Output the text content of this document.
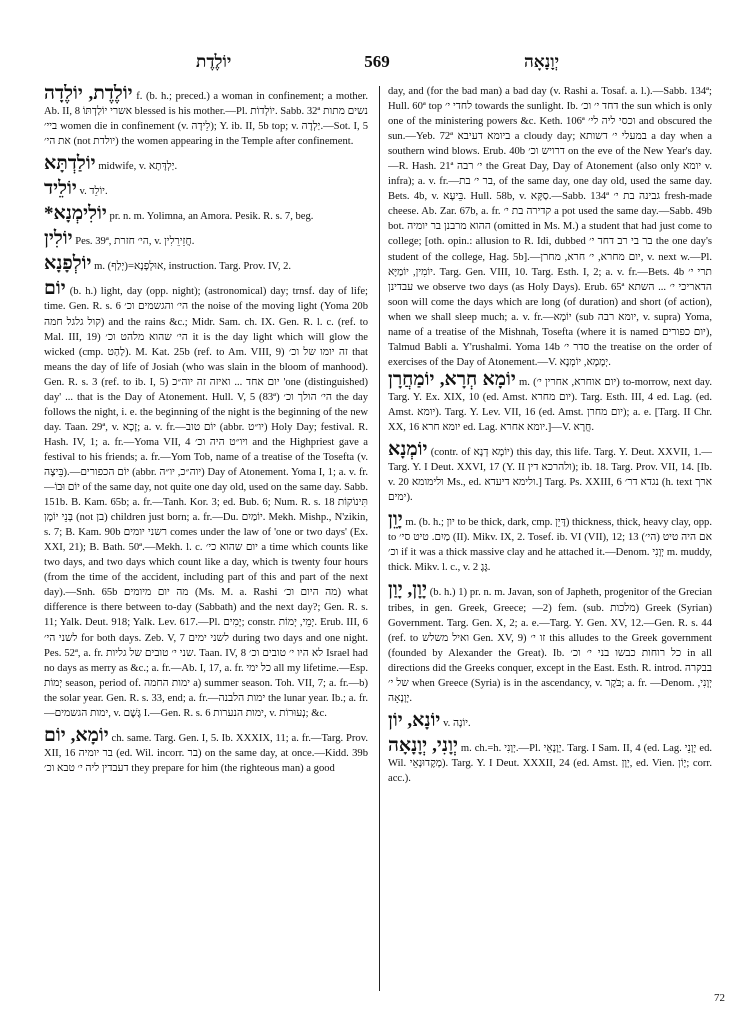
יוֹלֶדֶת	569	יְוָנָאָה

יוֹלֶדֶת, יוֹלֶדָה f. (b. h.; preced.) a woman in confinement; a mother. Ab. II, 8 אשרי יוֹלַדְתּוֹ blessed is his mother.—Pl. יוֹלְדוֹת. Sabb. 32ª נשים מתות ביי׳ women die in confinement (v. לֵידָה); Y. ib. II, 5b top; v. יַלְדָה.—Sot. I, 5 את הי׳ (not יולדת) the women appearing in the Temple after confinement.

יוֹלַדְתָּא midwife, v. יַלְדָּתָא.

יוֹלֵיד v. יוֹלֵד.

*יוֹלִימְנָא pr. n. m. Yolimna, an Amora. Pesik. R. s. 7, beg.

יוֹלִין Pes. 39ª, הי׳ חזרת, v. חֲזֵירֵלִין.

יוֹלְפָנָא m. (יְלַף)=אוּלְפָנָא, instruction. Targ. Prov. IV, 2.

יוֹם (b. h.) light, day (opp. night); (astronomical) day; trnsf. day of life; time. Gen. R. s. 6 הי׳ והגשמים וכ׳ the noise of the moving light (Yoma 20b קול גלגל חמה) and the rains &c.; Midr. Sam. ch. IX. Gen. R. l. c. (ref. to Mal. III, 19) הי׳ שהוא מלהט וכ׳ it is the day light which will glow the wicked (cmp. לַהַט). M. Kat. 25b (ref. to Am. VIII, 9) זה יומו של וכ׳ that means the day of life of Josiah (who was slain in the bloom of manhood). Gen. R. s. 3 (ref. to ib. I, 5) יום אחד ... ואיזה זה יוה״כ 'one (distinguished) day' ... that is the Day of Atonement. Hull. V, 5 (83ª) הי׳ הולך וכ׳ the day follows the night, i. e. the beginning of the night is the beginning of the new day. Taan. 29ª, v. זָכָא; a. v. fr.—יוֹם טוב (abbr. יו״ט) Holy Day; festival. R. Hash. IV, 1; a. fr.—Yoma VII, 4 ויו״ט היה וכ׳ and the Highpriest gave a festival to his friends; a. fr.—Yom Tob, name of a treatise of the Tosefta (v. בֵּיצָה).—יוֹם הכפורים (abbr. יוה״כ, יו״ה) Day of Atonement. Yoma I, 1; a. v. fr.—יוֹם וּבוֹ of the same day, not quite one day old, used on the same day. Sabb. 151b. B. Kam. 65b; a. fr.—Tanh. Kor. 3; ed. Bub. 6; Num. R. s. 18 תִּינוֹקוֹת בְּנֵי יוֹמָן (not בן) children just born; a. fr.—Du. יוֹמַיִם. Mekh. Mishp., N'zikin, s. 7; B. Kam. 90b רשני יומים comes under the law of 'one or two days' (Ex. XXI, 21); B. Bath. 50ª.—Mekh. l. c. יום שהוא כי׳ a time which counts like two days, and two days which count like a day, which is twenty four hours (from the time of the accident, including part of this and part of the next day).—Snh. 65b מה יום מיומים (Ms. M. a. Rashi מה היום וכ׳) what difference is there between to-day (Sabbath) and the next day?; Gen. R. s. 11; Yalk. Deut. 918; Yalk. Lev. 617.—Pl. יָמִים; constr. יְמֵי, יְמוֹת. Erub. III, 6 לשני הי׳ for both days. Zeb. V, 7 לשני ימים during two days and one night. Pes. 52ª, a. fr. שני י׳ טובים של גליות. Taan. IV, 8 לא היו י׳ טובים וכ׳ Israel had no days as merry as &c.; a. fr.—Ab. I, 17, a. fr. כל ימי all my lifetime.—Esp. יְמוֹת season, period of. ימות החמה a) summer season. Toh. VII, 7; a. fr.—b) the solar year. Gen. R. s. 33, end; a. fr.—ימות הלבנה the lunar year. Ib.; a. fr.—ימות הגשמים, v. גֶּשֶׁם I.—Gen. R. s. 6 ימות הנערות, v. נְעוּרוֹת; &c.

יוֹמָא, יוֹם ch. same. Targ. Gen. I, 5. Ib. XXXIX, 11; a. fr.—Targ. Prov. XII, 16 בר יומיה (ed. Wil. incorr. בר) on the same day, at once.—Kidd. 39b דעבדין ליה י׳ טבא וכ׳ they prepare for him (the righteous man) a good

day, and (for the bad man) a bad day (v. Rashi a. Tosaf. a. l.).—Sabb. 134ª; Hull. 60ª top לחדי י׳ towards the sunlight. Ib. דחד י׳ וכ׳ the sun which is only one of the ministering powers &c. Keth. 106ª וכסי ליה לי׳ and obscured the sun.—Yeb. 72ª ביומא דעיבא a cloudy day; במעלי י׳ דשותא a day when a southern wind blows. Erub. 40b דרויש וכ׳ on the eve of the New Year's day.—R. Hash. 21ª י׳ רבה the Great Day, Day of Atonement (also only יומא v. infra); a. v. fr.—בר י׳ בת, of the same day, one day old, used the same day. Bets. 4b, v. בֵּיעָא. Hull. 58b, v. סַקָּא.—Sabb. 134ª גבינה בת י׳ fresh-made cheese. Ab. Zar. 67b, a. fr. קדירה בת י׳ a pot used the same day.—Sabb. 49b bot. ההוא מרבנן בר יומיה (omitted in Ms. M.) a student that had just come to college; [oth. opin.: allusion to R. Idi, dubbed בר בי רב דחד י׳ the one day's student of the college, Hag. 5b].—יום מחרא, י׳ חרא, מחרן, v. next w.—Pl. יוֹמִין, יוֹמַיָּא. Targ. Gen. VIII, 10. Targ. Esth. I, 2; a. v. fr.—Bets. 4b תרי י׳ עבדינן we observe two days (as Holy Days). Erub. 65ª הדאריכי י׳ ... השתא soon will come the days which are long (of duration) and short (of action), when we shall sleep much; a. v. fr.—יוֹמָא (sub יומא רבה, v. supra) Yoma, name of a treatise of the Mishnah, Tosefta (where it is named יום כפורים), Talmud Babli a. Y'rushalmi. Yoma 14b סדר י׳ the treatise on the order of exercises of the Day of Atonement.—V. יְמָמָא, יוֹמְנָא.

יוֹמָא חְרָא, יוֹמַחֲרָן m. (יום אוחרא, אחרין י׳) to-morrow, next day. Targ. Y. Ex. XIX, 10 (ed. Amst. יום מחרא). Targ. Esth. III, 4 ed. Lag. (ed. Amst. יומא). Targ. Y. Lev. VII, 16 (ed. Amst. יום מחרן); a. e. [Targ. II Chr. XX, 16 יומא חרא ed. Lag. יומא אחרא.]—V. חֲרָא.

יוֹמְנָא (contr. of יוֹמָא דְנָא) this day, this life. Targ. Y. Deut. XXVII, 1.—Targ. Y. I Deut. XXVI, 17 (Y. II ולהרכא דין); ib. 18. Targ. Prov. VII, 14. [Ib. v. 20 ולימומא Ms., ed. ולימא דיעדא.] Targ. Ps. XXIII, 6 נגדא דר׳ (h. text ארך ימים).

יָוֵן m. (b. h.; יון to be thick, dark, cmp. דָּיֵן) thickness, thick, heavy clay, opp. to מַיִם. טיט סי׳ (II). Mikv. IX, 2. Tosef. ib. VI (VII), 12; 13 אם היה טיט (הי׳) וכ׳ if it was a thick massive clay and he attached it.—Denom. יְוָנִי m. muddy, thick. Mikv. l. c., v. גֶּגֶ 2.

יָוָן, יָוַן (b. h.) 1) pr. n. m. Javan, son of Japheth, progenitor of the Grecian tribes, in gen. Greek, Greece; —2) fem. (sub. מלכות) Greek (Syrian) Government. Targ. Gen. X, 2; a. e.—Targ. Y. Gen. XV, 12.—Gen. R. s. 44 (ref. to ואיל משלש Gen. XV, 9) זו י׳ this alludes to the Greek government (founded by Alexander the Great). Ib. כל רוחות כבשו בני י׳ וכ׳ in all directions did the Greeks conquer, except in the East. Esth. R. introd. בבקרה של י׳ when Greece (Syria) is in the ascendancy, v. בֹּקֶר; a. fr. —Denom. יְוָנִי, יְוָנָאָה.

יוֹנָא, יוֹן v. יוֹנָה.

יְוָנִי, יְוָנָאָה m. ch.=h. יְוָנִי.—Pl. יְוָנָאֵי. Targ. I Sam. II, 4 (ed. Lag. יְוָנֵי ed. Wil. מָקֶדוּנָאֵי). Targ. Y. I Deut. XXXII, 24 (ed. Amst. יְוָן, ed. Vien. יָוֹן; corr. acc.).

72
